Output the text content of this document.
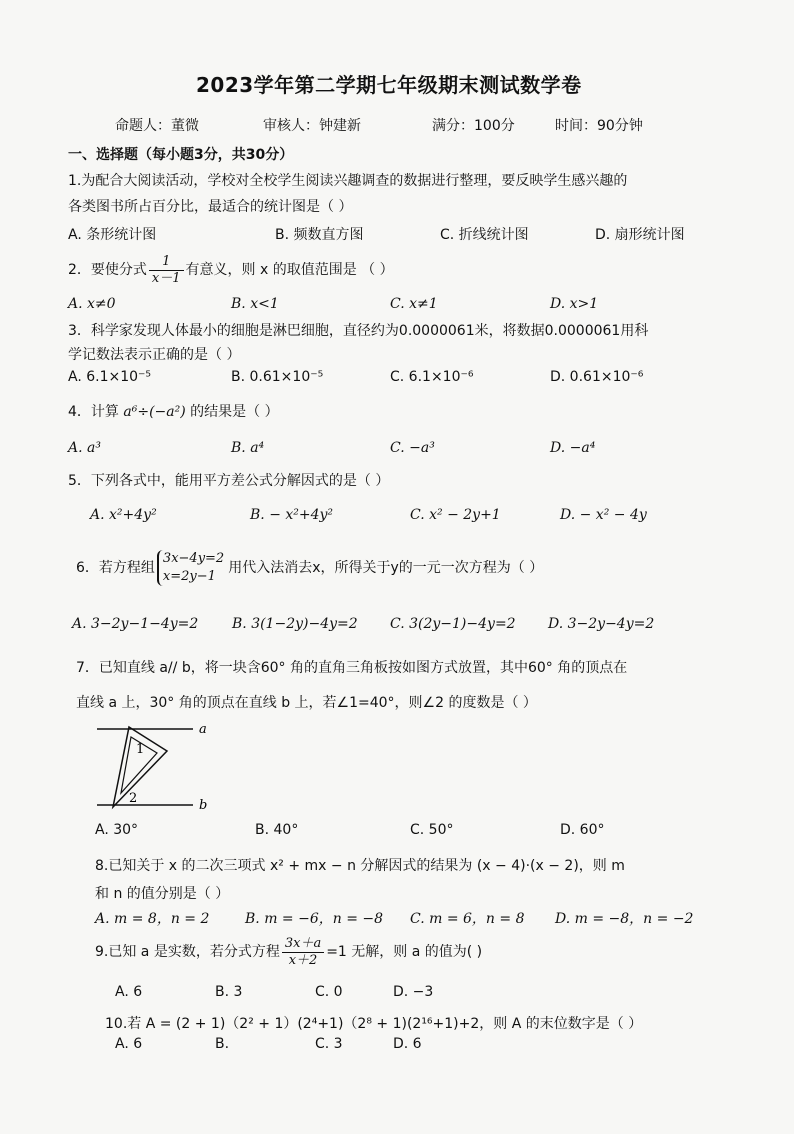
2023学年第二学期七年级期末测试数学卷
命题人：董微	审核人：钟建新	满分：100分	时间：90分钟
一、选择题（每小题3分，共30分）
1.为配合大阅读活动，学校对全校学生阅读兴趣调查的数据进行整理，要反映学生感兴趣的
各类图书所占百分比，最适合的统计图是（ ）
A. 条形统计图	B. 频数直方图	C. 折线统计图	D. 扇形统计图
2．要使分式 $\frac{1}{x-1}$ 有意义，则 x 的取值范围是 （ ）
A. x≠0	B. x<1	C. x≠1	D. x>1
3．科学家发现人体最小的细胞是淋巴细胞，直径约为0.0000061米，将数据0.0000061用科
学记数法表示正确的是（ ）
A. 6.1×10⁻⁵	B. 0.61×10⁻⁵	C. 6.1×10⁻⁶	D. 0.61×10⁻⁶
4．计算 a⁶÷(−a²) 的结果是（ ）
A. a³	B. a⁴	C. −a³	D. −a⁴
5．下列各式中，能用平方差公式分解因式的是（ ）
A. x²+4y²	B. − x²+4y²	C. x² − 2y+1	D. − x² − 4y
6．若方程组
3x−4y=2
x=2y−1
用代入法消去x，所得关于y的一元一次方程为（ ）
A. 3−2y−1−4y=2 B. 3(1−2y)−4y=2 C. 3(2y−1)−4y=2 D. 3−2y−4y=2
7．已知直线 a// b，将一块含60° 角的直角三角板按如图方式放置，其中60° 角的顶点在
直线 a 上，30° 角的顶点在直线 b 上，若∠1=40°，则∠2 的度数是（ ）
a
b
1
2
A. 30°	B. 40°	C. 50°	D. 60°
8.已知关于 x 的二次三项式 x² + mx − n 分解因式的结果为 (x − 4)·(x − 2)，则 m
和 n 的值分别是（ ）
A. m = 8，n = 2	B. m = −6，n = −8 C. m = 6，n = 8 D. m = −8，n = −2
9.已知 a 是实数，若分式方程 $\frac{3x+a}{x+2} =1$ 无解，则 a 的值为( )
A. 6	B. 3	C. 0	D. −3
10.若 A = (2 + 1)（2² + 1）(2⁴+1)（2⁸ + 1)(2¹⁶+1)+2，则 A 的末位数字是（ ）
A. 6	B.	C. 3	D. 6
